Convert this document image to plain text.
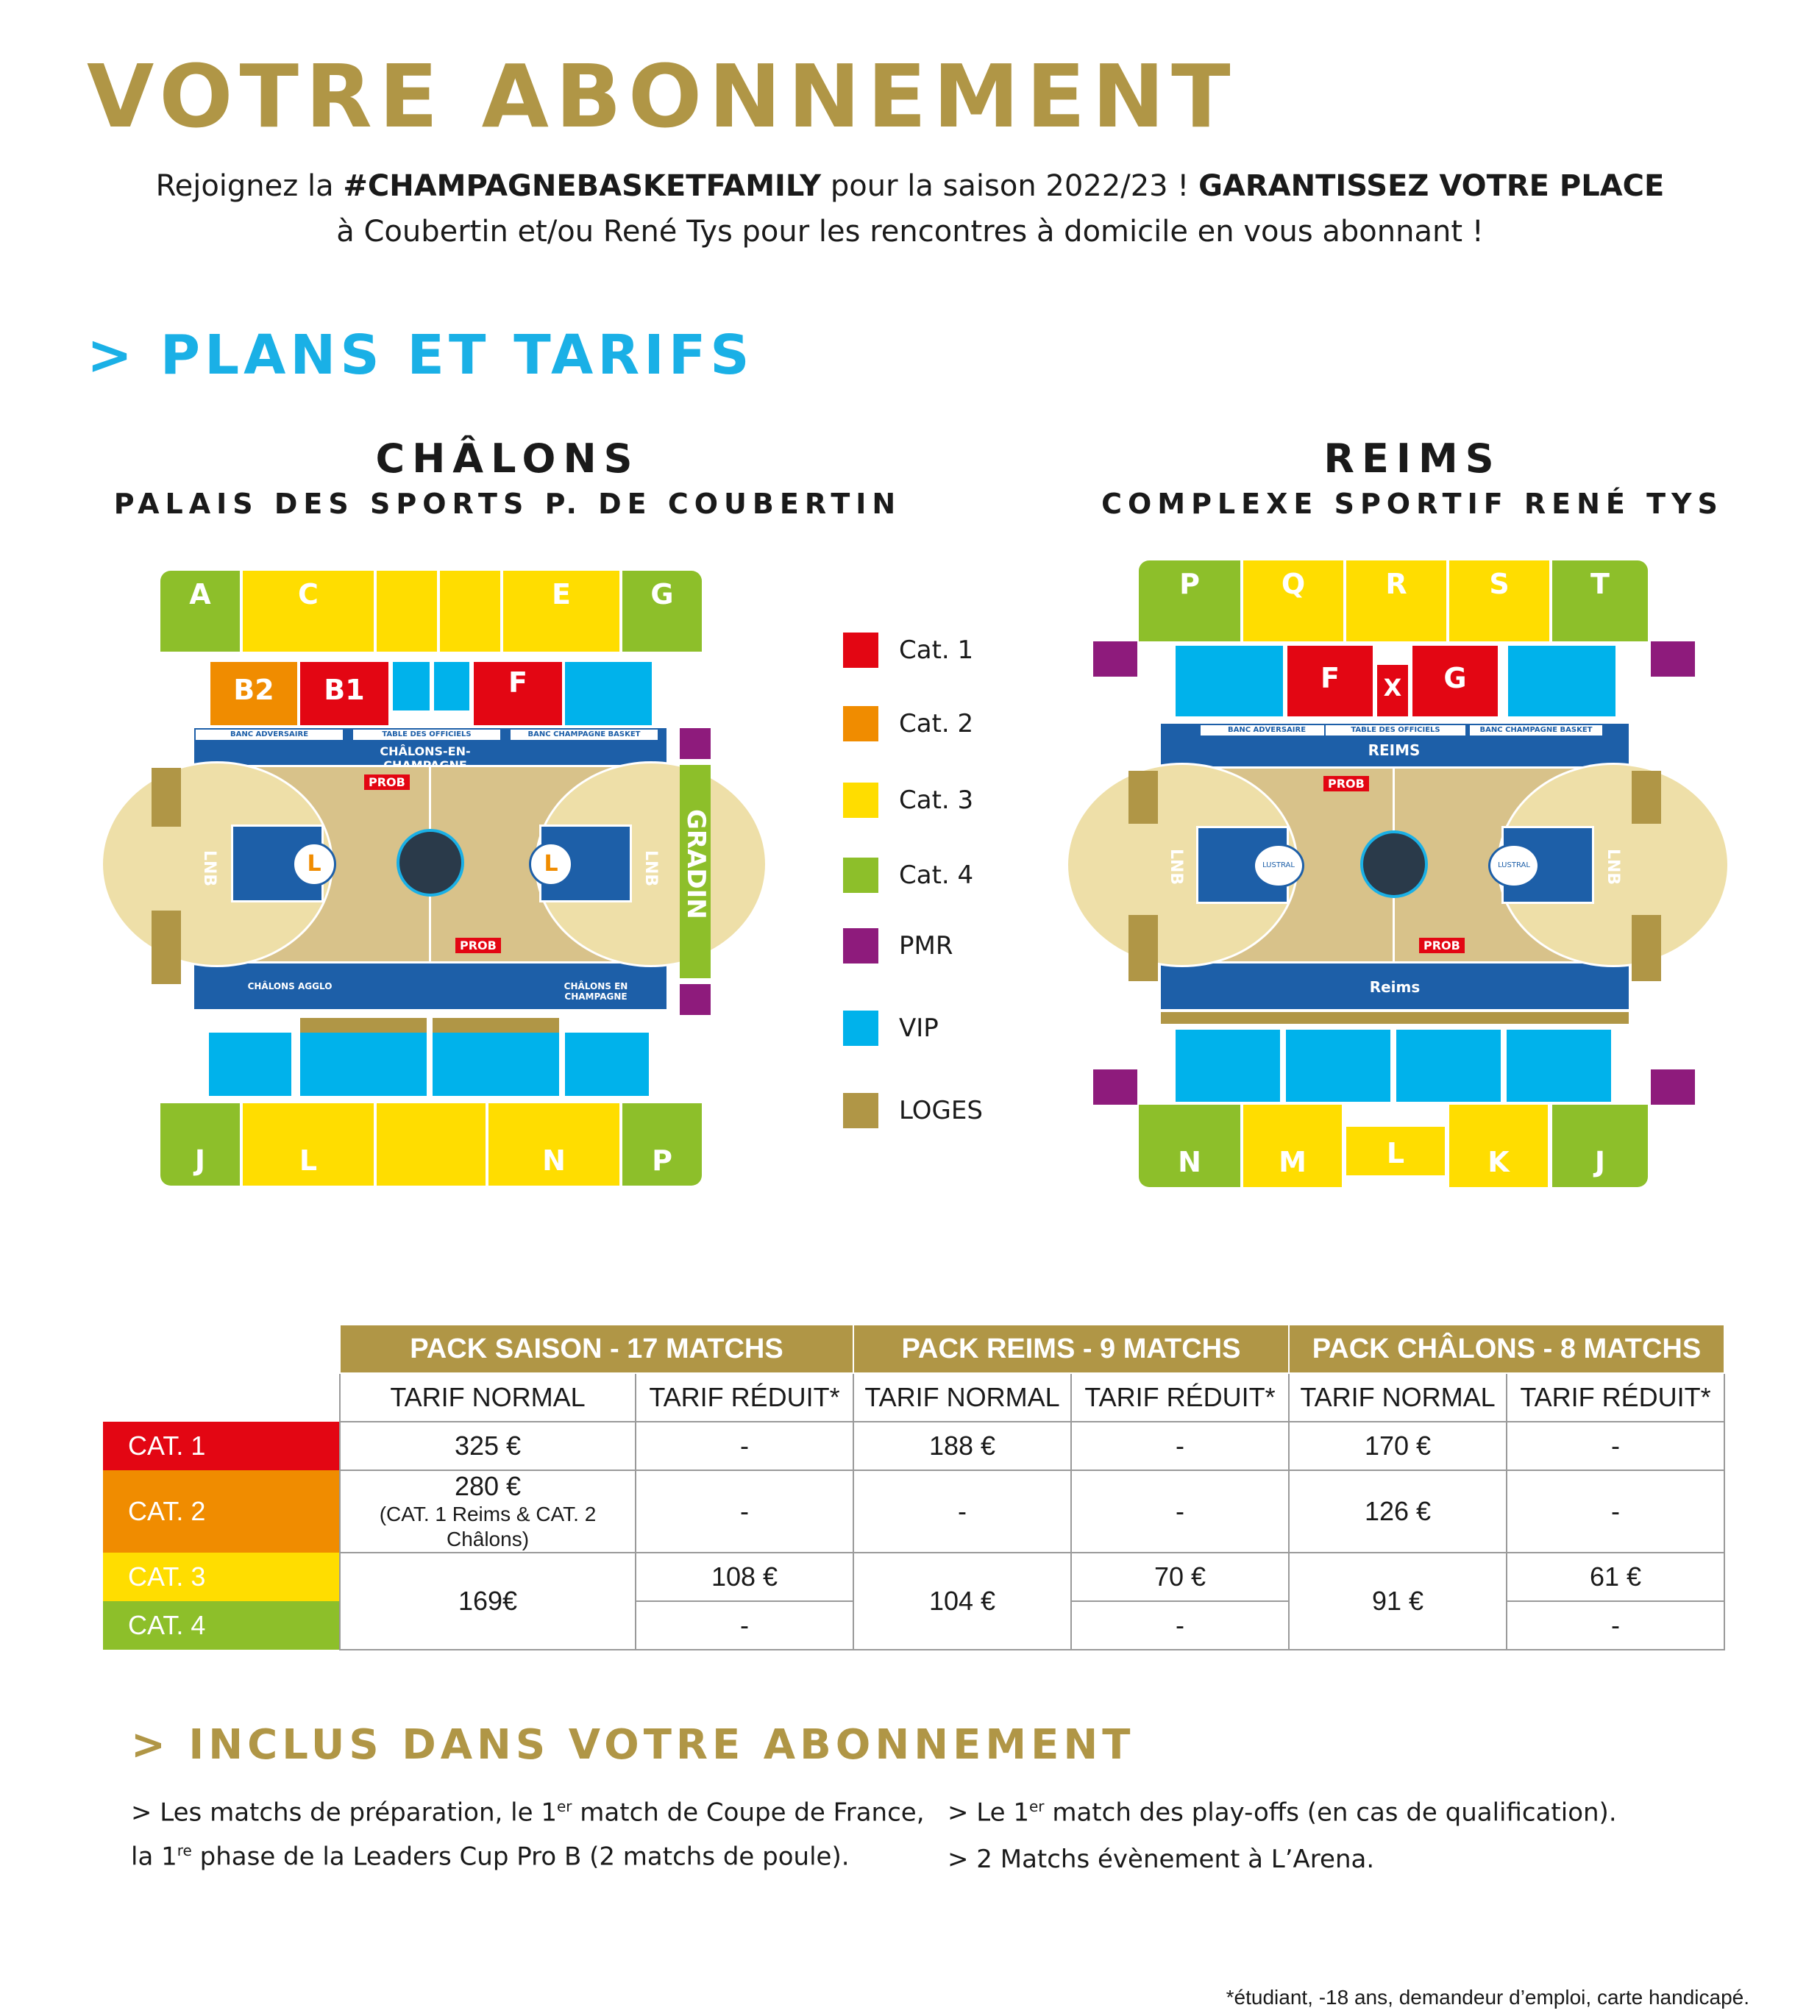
VOTRE ABONNEMENT
Rejoignez la #CHAMPAGNEBASKETFAMILY pour la saison 2022/23 ! GARANTISSEZ VOTRE PLACE
à Coubertin et/ou René Tys pour les rencontres à domicile en vous abonnant !
> PLANS ET TARIFS
CHÂLONS
PALAIS DES SPORTS P. DE COUBERTIN
REIMS
COMPLEXE SPORTIF RENÉ TYS
A	C	E	G
B2	B1	F
BANC ADVERSAIRE	TABLE DES OFFICIELS	BANC CHAMPAGNE BASKET
CHÂLONS-EN-
L	L
PROB
PROB
LNB	LNB
CHÂLONS AGGLO	CHÂLONS EN CHAMPAGNE
GRADIN
J	L	N	P
Cat. 1
Cat. 2
Cat. 3
Cat. 4
PMR
VIP
LOGES
P	Q	R	S	T
F	X	G
BANC ADVERSAIRE	TABLE DES OFFICIELS	BANC CHAMPAGNE BASKET
REIMS
LUSTRAL	LUSTRAL
PROB
PROB
LNB	LNB
Reims
N	M	L	K	J
	PACK SAISON - 17 MATCHS		PACK REIMS - 9 MATCHS		PACK CHÂLONS - 8 MATCHS	
	TARIF NORMAL	TARIF RÉDUIT*	TARIF NORMAL	TARIF RÉDUIT*	TARIF NORMAL	TARIF RÉDUIT*
CAT. 1	325 €	-	188 €	-	170 €	-
CAT. 2	280 €
(CAT. 1 Reims & CAT. 2 Châlons)	-	-	-	126 €	-
CAT. 3	169€	108 €	104 €	70 €	91 €	61 €
CAT. 4		-		-		-
> INCLUS DANS VOTRE ABONNEMENT
> Les matchs de préparation, le 1er match de Coupe de France,
la 1re phase de la Leaders Cup Pro B (2 matchs de poule).
> Le 1er match des play-offs (en cas de qualification).
> 2 Matchs évènement à L’Arena.
*étudiant, -18 ans, demandeur d’emploi, carte handicapé.
